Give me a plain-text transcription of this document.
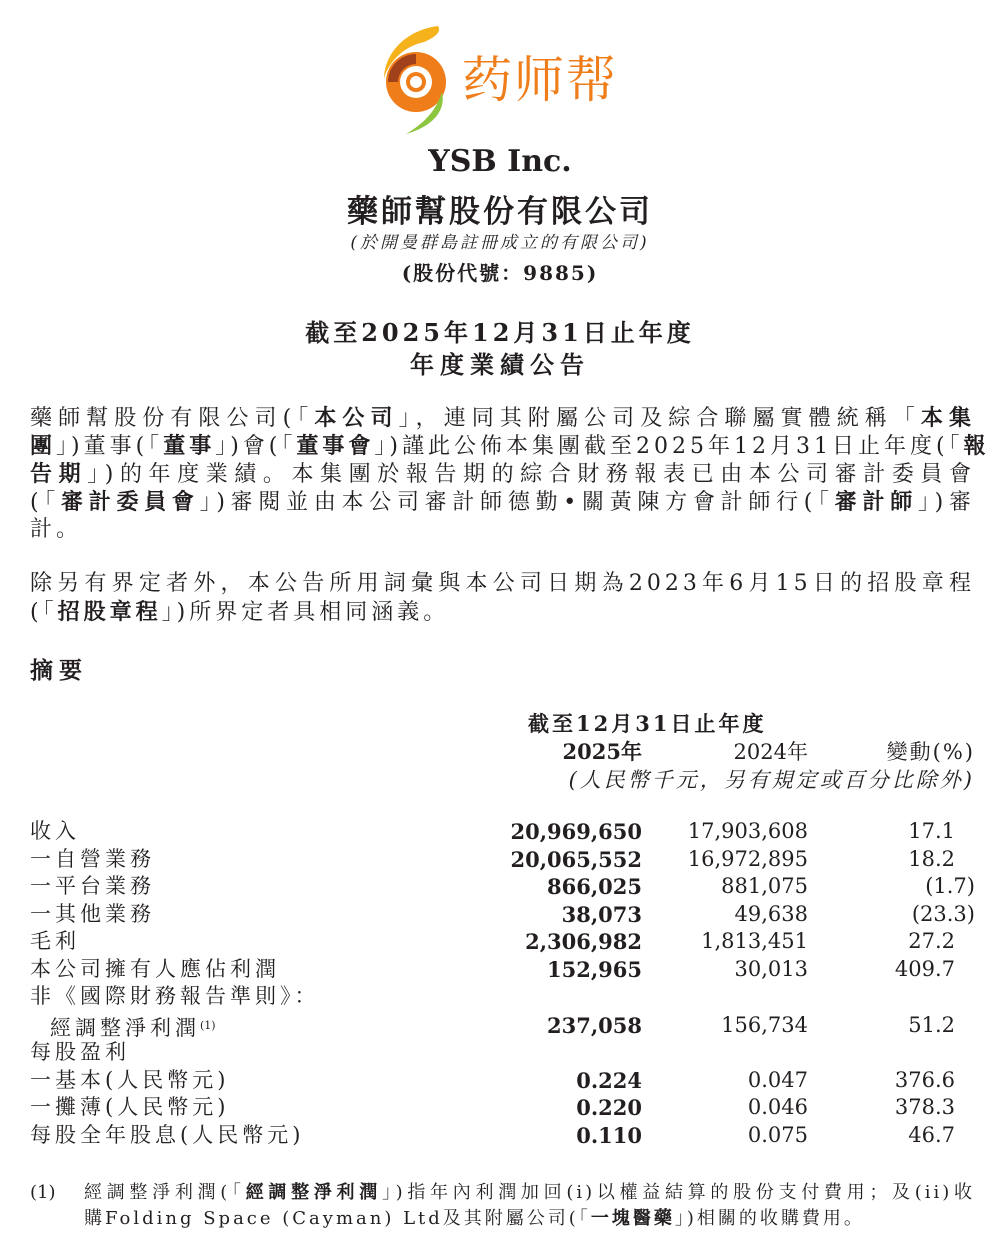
药师帮
YSB Inc.
藥師幫股份有限公司
(於開曼群島註冊成立的有限公司)
(股份代號：9885)
截至2025年12月31日止年度
年度業績公告
藥師幫股份有限公司(「本公司」，連同其附屬公司及綜合聯屬實體統稱「本集
團」)董事(「董事」)會(「董事會」)謹此公佈本集團截至2025年12月31日止年度(「報
告期」)的年度業績。本集團於報告期的綜合財務報表已由本公司審計委員會
(「審計委員會」)審閱並由本公司審計師德勤•關黃陳方會計師行(「審計師」)審
計。
除另有界定者外，本公告所用詞彙與本公司日期為2023年6月15日的招股章程
(「招股章程」)所界定者具相同涵義。
摘要
截至12月31日止年度
2025年	2024年	變動(%)
(人民幣千元，另有規定或百分比除外)
收入	20,969,650 17,903,608	17.1
一自營業務	20,065,552 16,972,895	18.2
一平台業務	866,025	881,075	(1.7)
一其他業務	38,073	49,638	(23.3)
毛利	2,306,982	1,813,451	27.2
本公司擁有人應佔利潤	152,965	30,013	409.7
非《國際財務報告準則》：
經調整淨利潤$^{(1)}$	237,058	156,734	51.2
每股盈利
一基本(人民幣元)	0.224	0.047	376.6
一攤薄(人民幣元)	0.220	0.046	378.3
每股全年股息(人民幣元)	0.110	0.075	46.7
(1) 經調整淨利潤(「經調整淨利潤」)指年內利潤加回(i)以權益結算的股份支付費用；及(ii)收
購Folding Space (Cayman) Ltd及其附屬公司(「一塊醫藥」)相關的收購費用。
